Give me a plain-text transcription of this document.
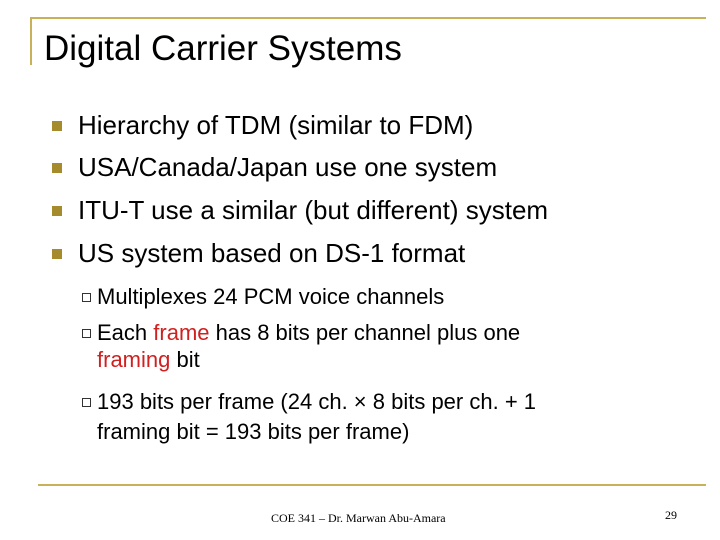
Digital Carrier Systems
Hierarchy of TDM (similar to FDM)
USA/Canada/Japan use one system
ITU-T use a similar (but different) system
US system based on DS-1 format
Multiplexes 24 PCM voice channels
Each frame has 8 bits per channel plus one
framing bit
193 bits per frame (24 ch. × 8 bits per ch. + 1
framing bit = 193 bits per frame)
COE 341 – Dr. Marwan Abu-Amara	29
